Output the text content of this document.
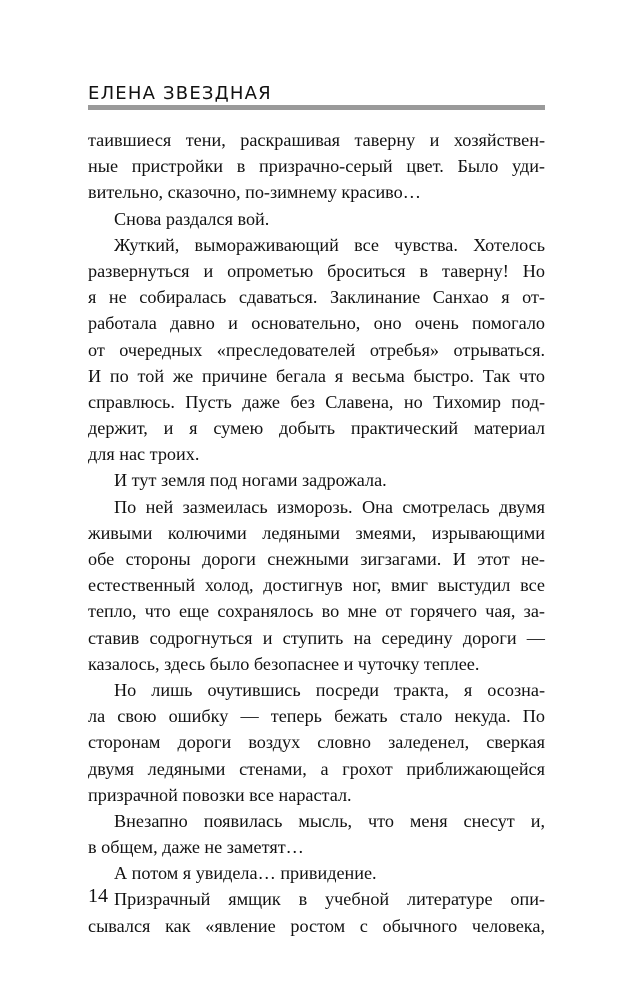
ЕЛЕНА ЗВЕЗДНАЯ
таившиеся тени, раскрашивая таверну и хозяйствен-
ные пристройки в призрачно-серый цвет. Было уди-
вительно, сказочно, по-зимнему красиво…
Снова раздался вой.
Жуткий, вымораживающий все чувства. Хотелось
развернуться и опрометью броситься в таверну! Но
я не собиралась сдаваться. Заклинание Санхао я от-
работала давно и основательно, оно очень помогало
от очередных «преследователей отребья» отрываться.
И по той же причине бегала я весьма быстро. Так что
справлюсь. Пусть даже без Славена, но Тихомир под-
держит, и я сумею добыть практический материал
для нас троих.
И тут земля под ногами задрожала.
По ней зазмеилась изморозь. Она смотрелась двумя
живыми колючими ледяными змеями, изрывающими
обе стороны дороги снежными зигзагами. И этот не-
естественный холод, достигнув ног, вмиг выстудил все
тепло, что еще сохранялось во мне от горячего чая, за-
ставив содрогнуться и ступить на середину дороги —
казалось, здесь было безопаснее и чуточку теплее.
Но лишь очутившись посреди тракта, я осозна-
ла свою ошибку — теперь бежать стало некуда. По
сторонам дороги воздух словно заледенел, сверкая
двумя ледяными стенами, а грохот приближающейся
призрачной повозки все нарастал.
Внезапно появилась мысль, что меня снесут и,
в общем, даже не заметят…
А потом я увидела… привидение.
Призрачный ямщик в учебной литературе опи-
сывался как «явление ростом с обычного человека,
14
